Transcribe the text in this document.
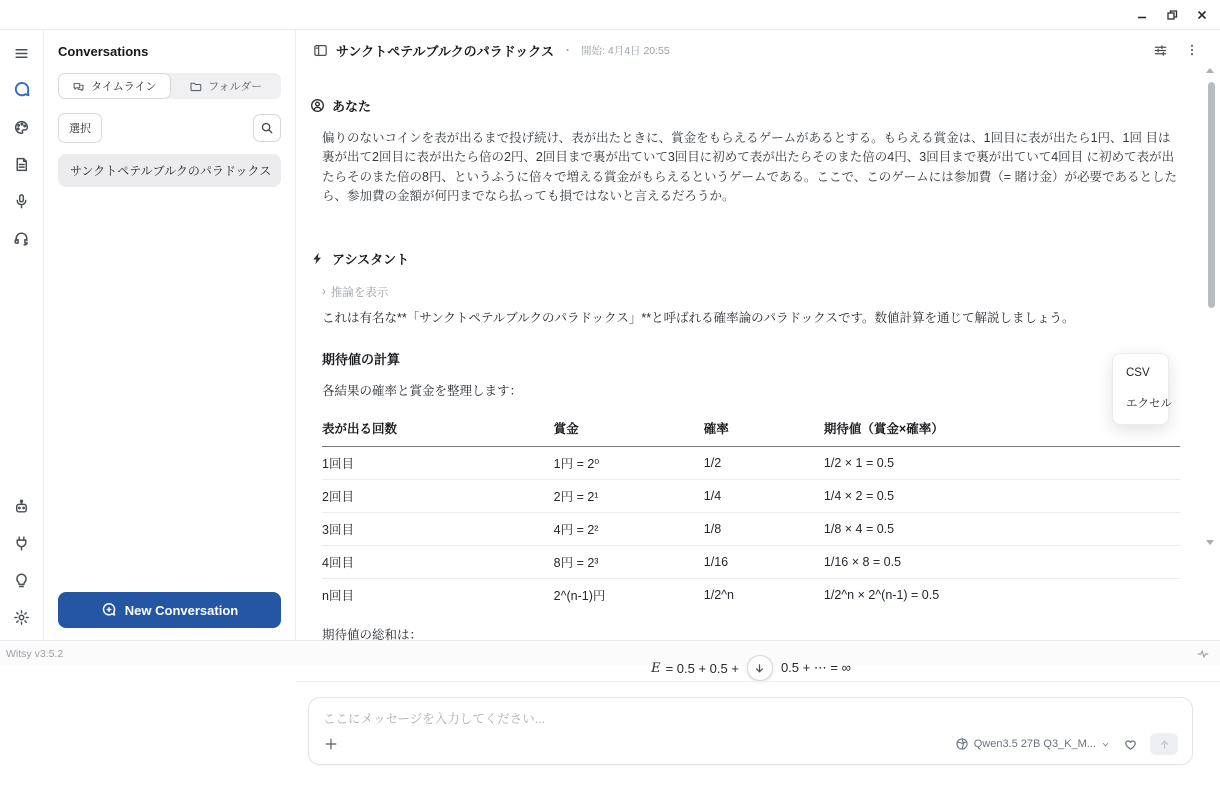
Conversations
タイムライン	フォルダー
選択
サンクトペテルブルクのパラドックス
New Conversation
サンクトペテルブルクのパラドックス ・ 開始: 4月4日 20:55
あなた
偏りのないコインを表が出るまで投げ続け、表が出たときに、賞金をもらえるゲームがあるとする。もらえる賞金は、1回目に表が出たら1円、1回 目は裏が出て2回目に表が出たら倍の2円、2回目まで裏が出ていて3回目に初めて表が出たらそのまた倍の4円、3回目まで裏が出ていて4回目 に初めて表が出たらそのまた倍の8円、というふうに倍々で増える賞金がもらえるというゲームである。ここで、このゲームには参加費（= 賭け金）が必要であるとしたら、参加費の金額が何円までなら払っても損ではないと言えるだろうか。
アシスタント
› 推論を表示
これは有名な**「サンクトペテルブルクのパラドックス」**と呼ばれる確率論のパラドックスです。数値計算を通じて解説しましょう。
期待値の計算
各結果の確率と賞金を整理します：
表が出る回数	賞金	確率	期待値（賞金×確率）
1回目	1円 = 2⁰	1/2	1/2 × 1 = 0.5
2回目	2円 = 2¹	1/4	1/4 × 2 = 0.5
3回目	4円 = 2²	1/8	1/8 × 4 = 0.5
4回目	8円 = 2³	1/16	1/16 × 8 = 0.5
n回目	2^(n-1)円	1/2^n	1/2^n × 2^(n-1) = 0.5
期待値の総和は：
E = 0.5 + 0.5 +	0.5 + ⋯ = ∞
ここにメッセージを入力してください...
Qwen3.5 27B Q3_K_M...
CSV
エクセル
Witsy v3.5.2
